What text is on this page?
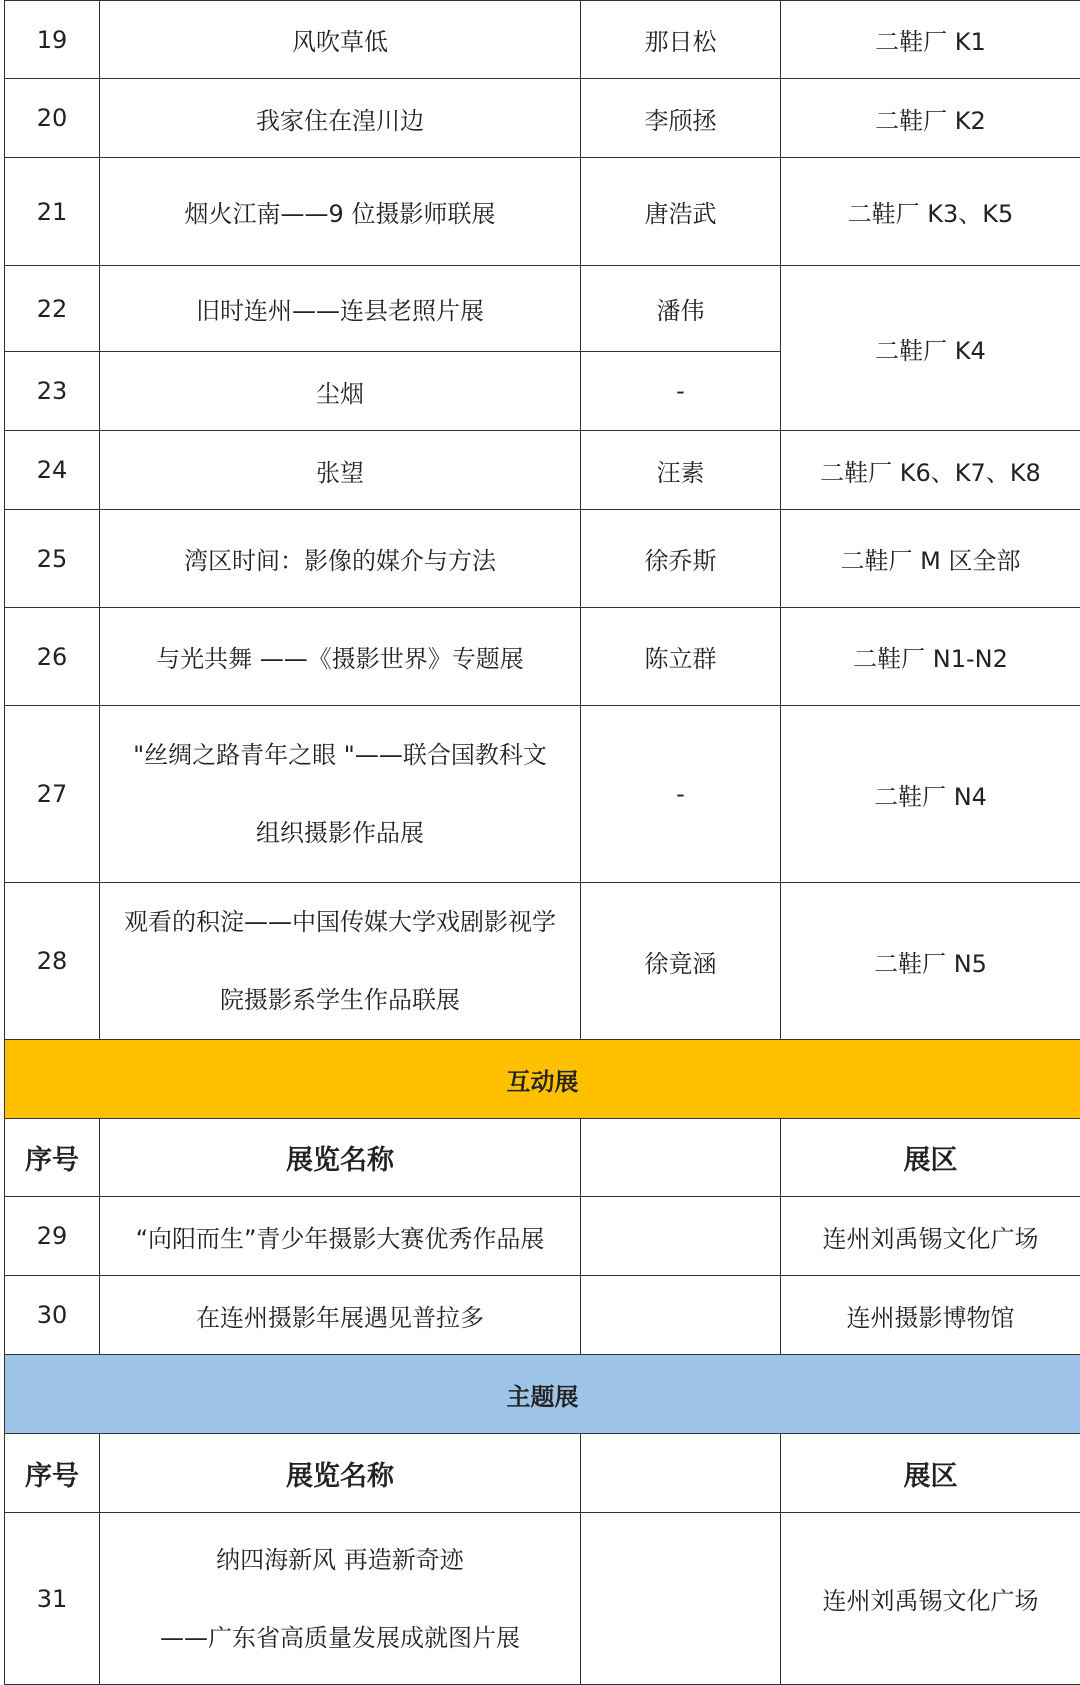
19	风吹草低	那日松	二鞋厂 K1
20	我家住在湟川边	李颀拯	二鞋厂 K2
21	烟火江南——9 位摄影师联展	唐浩武	二鞋厂 K3、K5
22	旧时连州——连县老照片展	潘伟	二鞋厂 K4
23	尘烟	-	
24	张望	汪素	二鞋厂 K6、K7、K8
25	湾区时间：影像的媒介与方法	徐乔斯	二鞋厂 M 区全部
26	与光共舞 ——《摄影世界》专题展	陈立群	二鞋厂 N1-N2
27	"丝绸之路青年之眼 "——联合国教科文
组织摄影作品展	-	二鞋厂 N4
28	观看的积淀——中国传媒大学戏剧影视学
院摄影系学生作品联展	徐竟涵	二鞋厂 N5
互动展			
序号	展览名称		展区
29	“向阳而生”青少年摄影大赛优秀作品展		连州刘禹锡文化广场
30	在连州摄影年展遇见普拉多		连州摄影博物馆
主题展			
序号	展览名称		展区
31	纳四海新风 再造新奇迹
——广东省高质量发展成就图片展		连州刘禹锡文化广场
